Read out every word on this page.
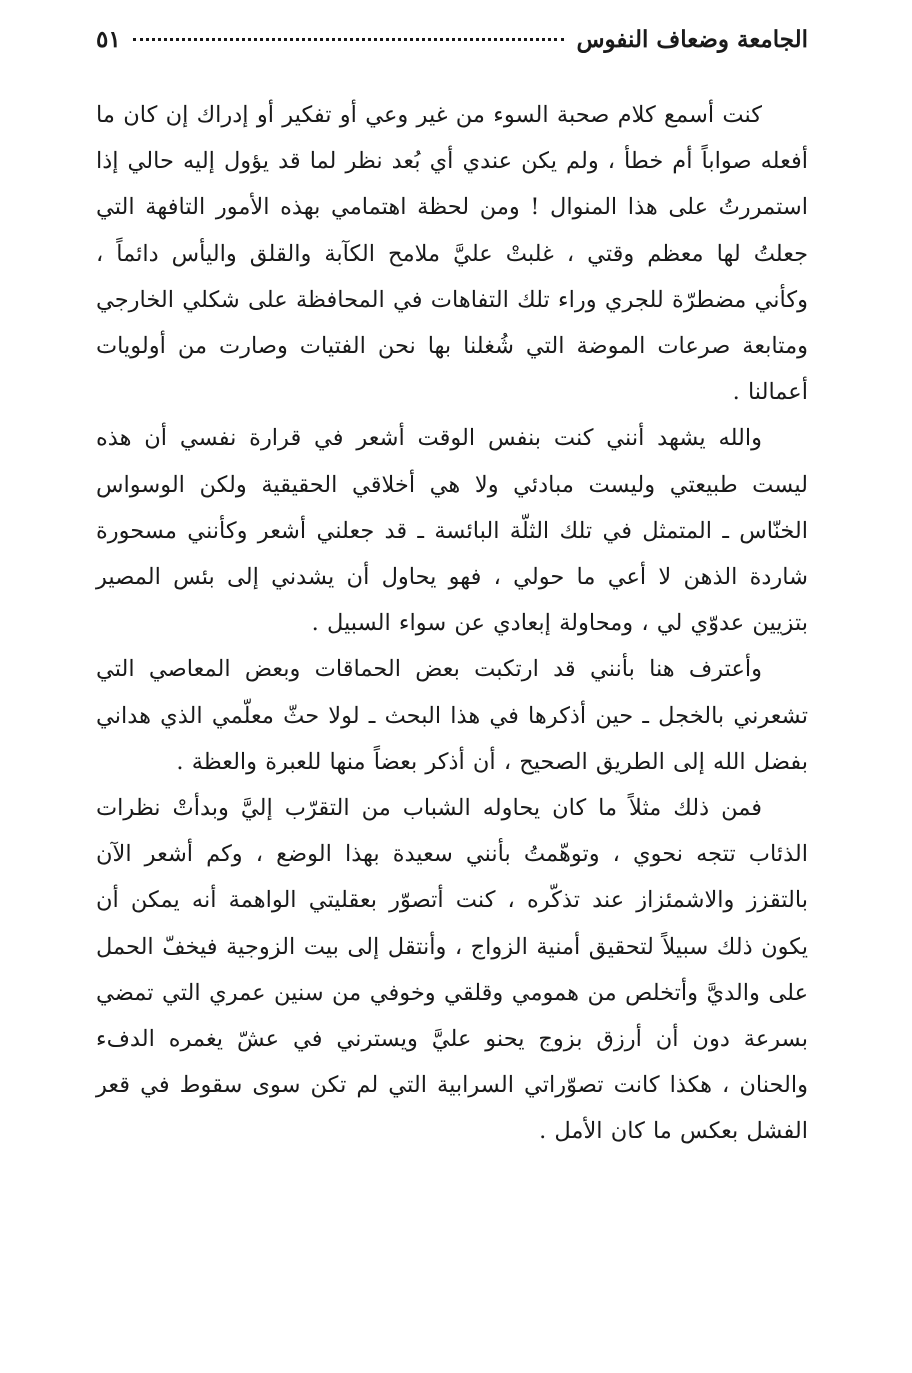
الجامعة وضعاف النفوس
٥١

كنت أسمع كلام صحبة السوء من غير وعي أو تفكير أو إدراك إن كان ما أفعله صواباً أم خطأ ، ولم يكن عندي أي بُعد نظر لما قد يؤول إليه حالي إذا استمررتُ على هذا المنوال ! ومن لحظة اهتمامي بهذه الأمور التافهة التي جعلتُ لها معظم وقتي ، غلبتْ عليَّ ملامح الكآبة والقلق واليأس دائماً ، وكأني مضطرّة للجري وراء تلك التفاهات في المحافظة على شكلي الخارجي ومتابعة صرعات الموضة التي شُغلنا بها نحن الفتيات وصارت من أولويات أعمالنا .

والله يشهد أنني كنت بنفس الوقت أشعر في قرارة نفسي أن هذه ليست طبيعتي وليست مبادئي ولا هي أخلاقي الحقيقية ولكن الوسواس الخنّاس ـ المتمثل في تلك الثلّة البائسة ـ قد جعلني أشعر وكأنني مسحورة شاردة الذهن لا أعي ما حولي ، فهو يحاول أن يشدني إلى بئس المصير بتزيين عدوّي لي ، ومحاولة إبعادي عن سواء السبيل .

وأعترف هنا بأنني قد ارتكبت بعض الحماقات وبعض المعاصي التي تشعرني بالخجل ـ حين أذكرها في هذا البحث ـ لولا حثّ معلّمي الذي هداني بفضل الله إلى الطريق الصحيح ، أن أذكر بعضاً منها للعبرة والعظة .

فمن ذلك مثلاً ما كان يحاوله الشباب من التقرّب إليَّ وبدأتْ نظرات الذئاب تتجه نحوي ، وتوهّمتُ بأنني سعيدة بهذا الوضع ، وكم أشعر الآن بالتقزز والاشمئزاز عند تذكّره ، كنت أتصوّر بعقليتي الواهمة أنه يمكن أن يكون ذلك سبيلاً لتحقيق أمنية الزواج ، وأنتقل إلى بيت الزوجية فيخفّ الحمل على والديَّ وأتخلص من همومي وقلقي وخوفي من سنين عمري التي تمضي بسرعة دون أن أرزق بزوج يحنو عليَّ ويسترني في عشّ يغمره الدفء والحنان ، هكذا كانت تصوّراتي السرابية التي لم تكن سوى سقوط في قعر الفشل بعكس ما كان الأمل .
